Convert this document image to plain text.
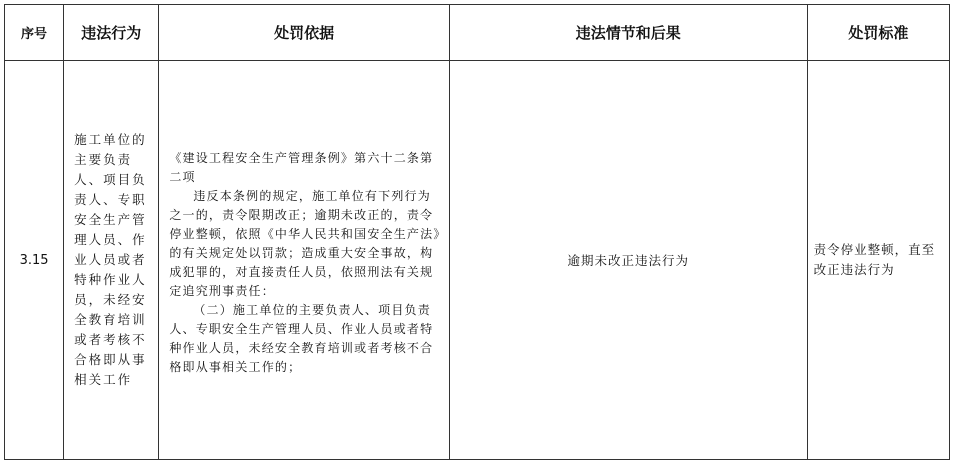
序号	违法行为	处罚依据	违法情节和后果	处罚标准
3.15	施工单位的主要负责人、项目负责人、专职安全生产管理人员、作业人员或者特种作业人员，未经安全教育培训或者考核不合格即从事相关工作	《建设工程安全生产管理条例》第六十二条第二项

违反本条例的规定，施工单位有下列行为之一的，责令限期改正；逾期未改正的，责令停业整顿，依照《中华人民共和国安全生产法》的有关规定处以罚款；造成重大安全事故，构成犯罪的，对直接责任人员，依照刑法有关规定追究刑事责任：

（二）施工单位的主要负责人、项目负责人、专职安全生产管理人员、作业人员或者特种作业人员，未经安全教育培训或者考核不合格即从事相关工作的；	逾期未改正违法行为	责令停业整顿，直至改正违法行为
